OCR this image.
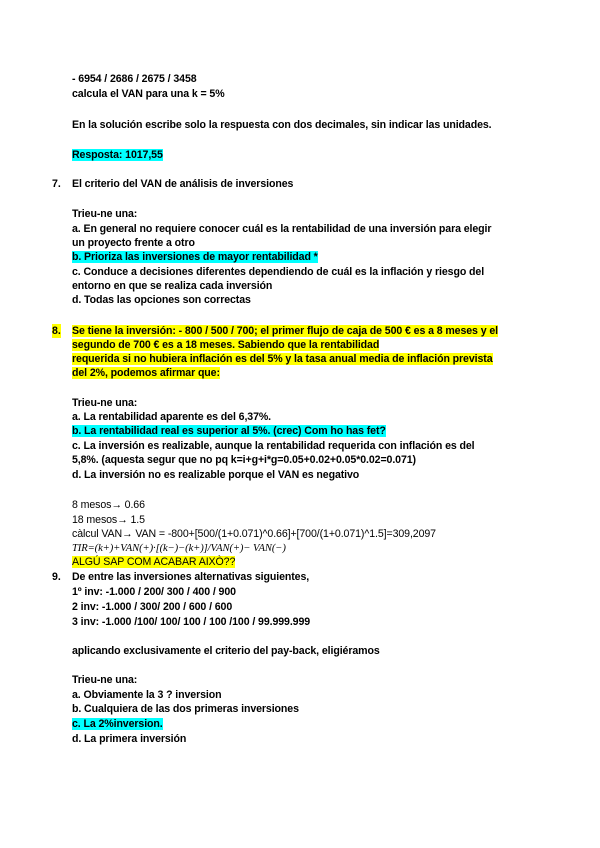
- 6954 / 2686 / 2675 / 3458

calcula el VAN para una k = 5%

En la solución escribe solo la respuesta con dos decimales, sin indicar las unidades.

Resposta: 1017,55

7. El criterio del VAN de análisis de inversiones

Trieu-ne una:

a. En general no requiere conocer cuál es la rentabilidad de una inversión para elegir

un proyecto frente a otro

b. Prioriza las inversiones de mayor rentabilidad *

c. Conduce a decisiones diferentes dependiendo de cuál es la inflación y riesgo del

entorno en que se realiza cada inversión

d. Todas las opciones son correctas

8. Se tiene la inversión: - 800 / 500 / 700; el primer flujo de caja de 500 € es a 8 meses y el

segundo de 700 € es a 18 meses. Sabiendo que la rentabilidad

requerida si no hubiera inflación es del 5% y la tasa anual media de inflación prevista

del 2%, podemos afirmar que:

Trieu-ne una:

a. La rentabilidad aparente es del 6,37%.

b. La rentabilidad real es superior al 5%. (crec) Com ho has fet?

c. La inversión es realizable, aunque la rentabilidad requerida con inflación es del

5,8%. (aquesta segur que no pq k=i+g+i*g=0.05+0.02+0.05*0.02=0.071)

d. La inversión no es realizable porque el VAN es negativo

8 mesos→ 0.66

18 mesos→ 1.5

càlcul VAN→ VAN = -800+[500/(1+0.071)^0.66]+[700/(1+0.071)^1.5]=309,2097

TIR=(k+)+VAN(+)·[(k−)−(k+)]/VAN(+)− VAN(−)

ALGÚ SAP COM ACABAR AIXÒ??

9. De entre las inversiones alternativas siguientes,

1º inv: -1.000 / 200/ 300 / 400 / 900

2 inv: -1.000 / 300/ 200 / 600 / 600

3 inv: -1.000 /100/ 100/ 100 / 100 /100 / 99.999.999

aplicando exclusivamente el criterio del pay-back, eligiéramos

Trieu-ne una:

a. Obviamente la 3 ? inversion

b. Cualquiera de las dos primeras inversiones

c. La 2%inversion.

d. La primera inversión
